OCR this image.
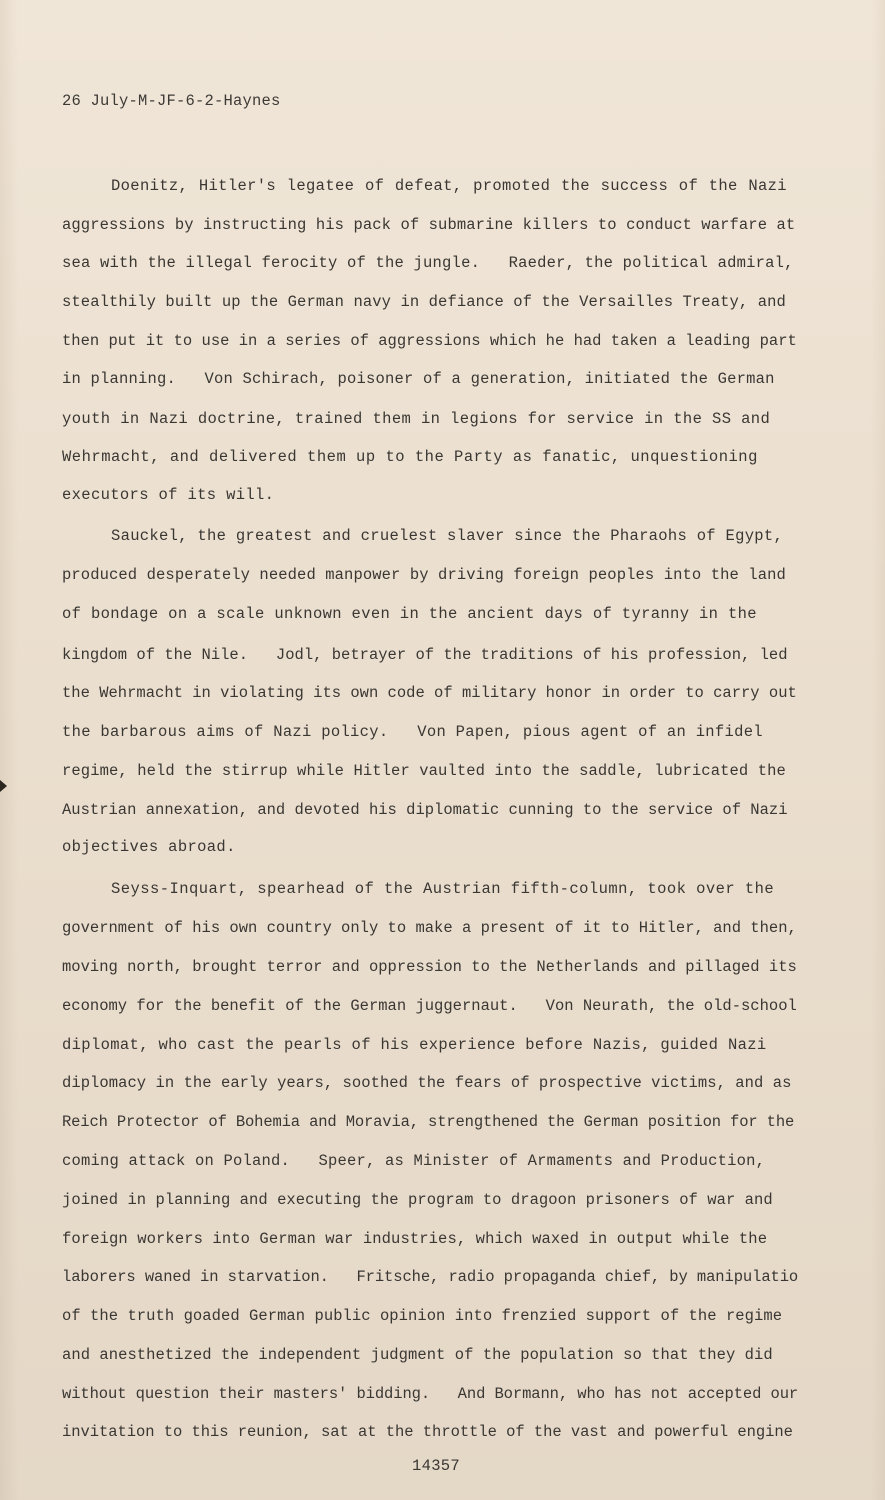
26 July-M-JF-6-2-Haynes
Doenitz, Hitler's legatee of defeat, promoted the success of the Nazi
aggressions by instructing his pack of submarine killers to conduct warfare at
sea with the illegal ferocity of the jungle.   Raeder, the political admiral,
stealthily built up the German navy in defiance of the Versailles Treaty, and
then put it to use in a series of aggressions which he had taken a leading part
in planning.   Von Schirach, poisoner of a generation, initiated the German
youth in Nazi doctrine, trained them in legions for service in the SS and
Wehrmacht, and delivered them up to the Party as fanatic, unquestioning
executors of its will.
Sauckel, the greatest and cruelest slaver since the Pharaohs of Egypt,
produced desperately needed manpower by driving foreign peoples into the land
of bondage on a scale unknown even in the ancient days of tyranny in the
kingdom of the Nile.   Jodl, betrayer of the traditions of his profession, led
the Wehrmacht in violating its own code of military honor in order to carry out
the barbarous aims of Nazi policy.   Von Papen, pious agent of an infidel
regime, held the stirrup while Hitler vaulted into the saddle, lubricated the
Austrian annexation, and devoted his diplomatic cunning to the service of Nazi
objectives abroad.
Seyss-Inquart, spearhead of the Austrian fifth-column, took over the
government of his own country only to make a present of it to Hitler, and then,
moving north, brought terror and oppression to the Netherlands and pillaged its
economy for the benefit of the German juggernaut.   Von Neurath, the old-school
diplomat, who cast the pearls of his experience before Nazis, guided Nazi
diplomacy in the early years, soothed the fears of prospective victims, and as
Reich Protector of Bohemia and Moravia, strengthened the German position for the
coming attack on Poland.   Speer, as Minister of Armaments and Production,
joined in planning and executing the program to dragoon prisoners of war and
foreign workers into German war industries, which waxed in output while the
laborers waned in starvation.   Fritsche, radio propaganda chief, by manipulatio
of the truth goaded German public opinion into frenzied support of the regime
and anesthetized the independent judgment of the population so that they did
without question their masters' bidding.   And Bormann, who has not accepted our
invitation to this reunion, sat at the throttle of the vast and powerful engine
14357
